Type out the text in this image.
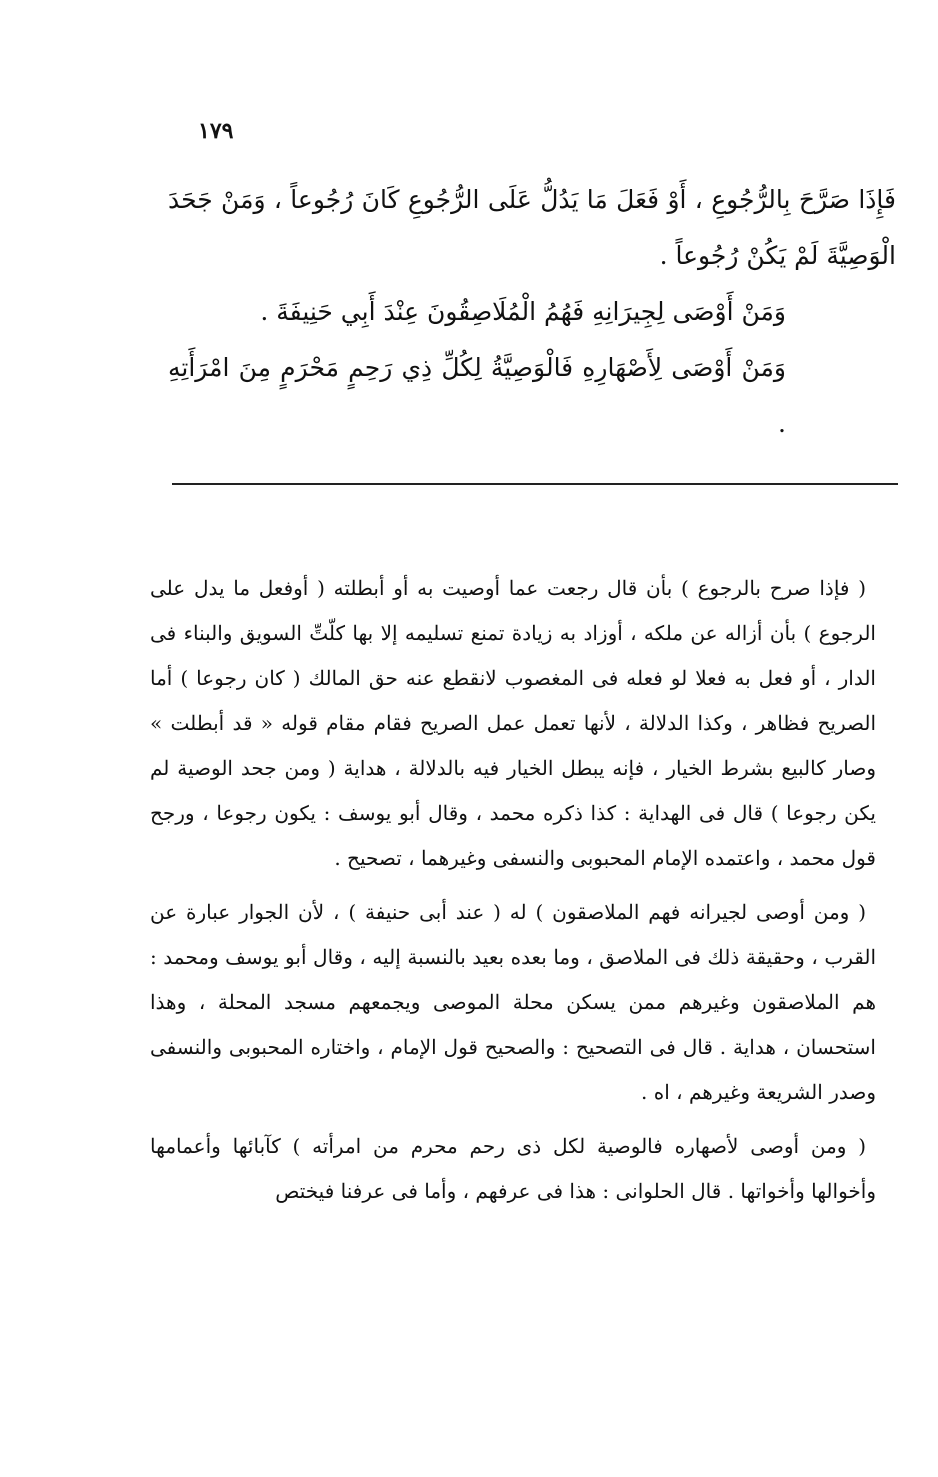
١٧٩

فَإِذَا صَرَّحَ بِالرُّجُوعِ ، أَوْ فَعَلَ مَا يَدُلُّ عَلَى الرُّجُوعِ كَانَ رُجُوعاً ، وَمَنْ جَحَدَ الْوَصِيَّةَ لَمْ يَكُنْ رُجُوعاً .

وَمَنْ أَوْصَى لِجِيرَانِهِ فَهُمُ الْمُلَاصِقُونَ عِنْدَ أَبِي حَنِيفَةَ .

وَمَنْ أَوْصَى لِأَصْهَارِهِ فَالْوَصِيَّةُ لِكُلِّ ذِي رَحِمٍ مَحْرَمٍ مِنَ امْرَأَتِهِ .

( فإذا صرح بالرجوع ) بأن قال رجعت عما أوصيت به أو أبطلته ( أوفعل ما يدل على الرجوع ) بأن أزاله عن ملكه ، أوزاد به زيادة تمنع تسليمه إلا بها كلّتِّ السويق والبناء فى الدار ، أو فعل به فعلا لو فعله فى المغصوب لانقطع عنه حق المالك ( كان رجوعا ) أما الصريح فظاهر ، وكذا الدلالة ، لأنها تعمل عمل الصريح فقام مقام قوله « قد أبطلت » وصار كالبيع بشرط الخيار ، فإنه يبطل الخيار فيه بالدلالة ، هداية ( ومن جحد الوصية لم يكن رجوعا ) قال فى الهداية : كذا ذكره محمد ، وقال أبو يوسف : يكون رجوعا ، ورجح قول محمد ، واعتمده الإمام المحبوبى والنسفى وغيرهما ، تصحيح .

( ومن أوصى لجيرانه فهم الملاصقون ) له ( عند أبى حنيفة ) ، لأن الجوار عبارة عن القرب ، وحقيقة ذلك فى الملاصق ، وما بعده بعيد بالنسبة إليه ، وقال أبو يوسف ومحمد : هم الملاصقون وغيرهم ممن يسكن محلة الموصى ويجمعهم مسجد المحلة ، وهذا استحسان ، هداية . قال فى التصحيح : والصحيح قول الإمام ، واختاره المحبوبى والنسفى وصدر الشريعة وغيرهم ، اه .

( ومن أوصى لأصهاره فالوصية لكل ذى رحم محرم من امرأته ) كآبائها وأعمامها وأخوالها وأخواتها . قال الحلوانى : هذا فى عرفهم ، وأما فى عرفنا فيختص
